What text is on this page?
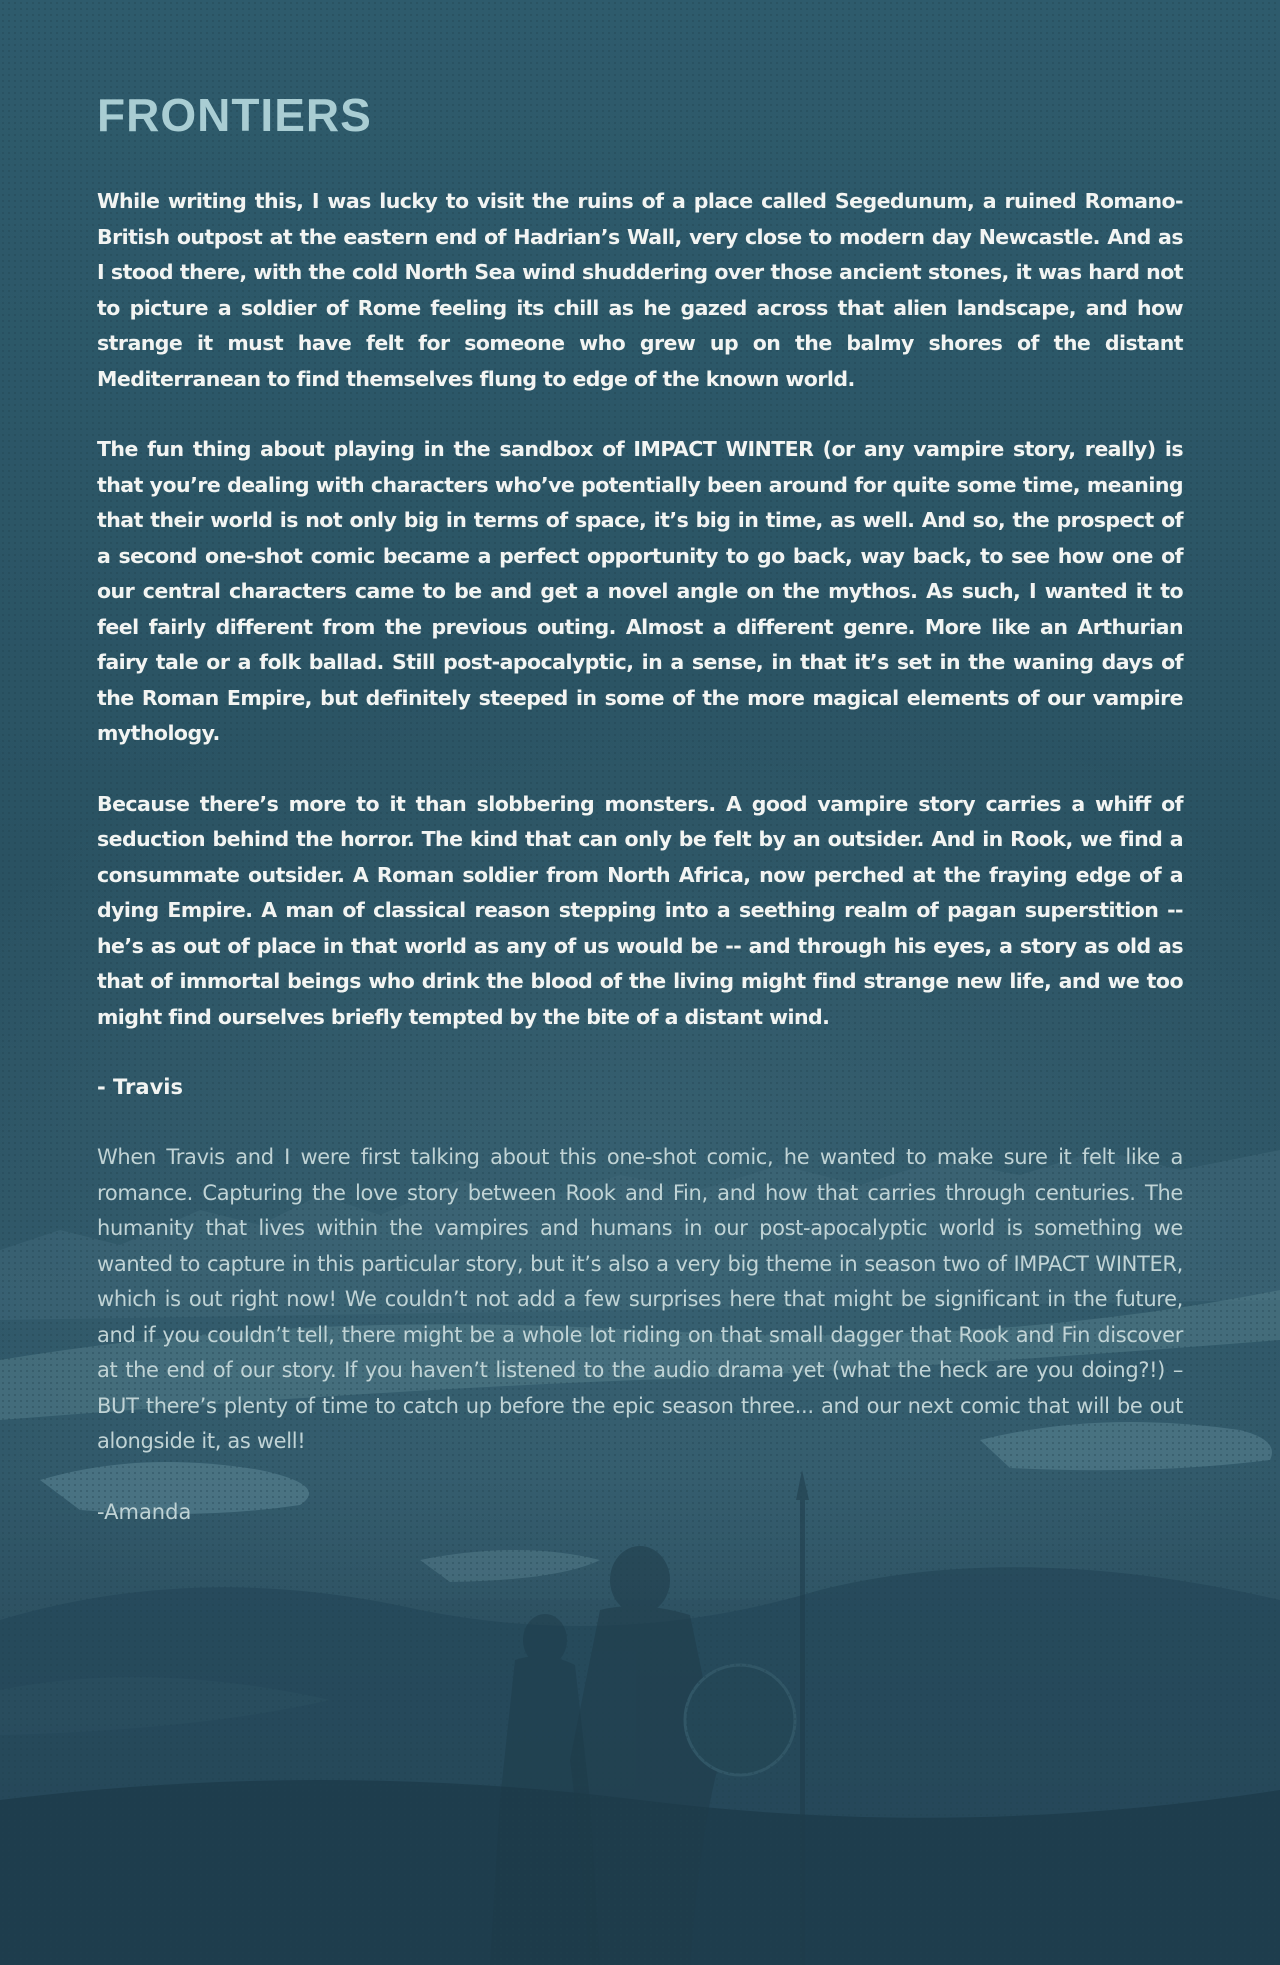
FRONTIERS

While writing this, I was lucky to visit the ruins of a place called Segedunum, a ruined Romano-British outpost at the eastern end of Hadrian’s Wall, very close to modern day Newcastle. And as I stood there, with the cold North Sea wind shuddering over those ancient stones, it was hard not to picture a soldier of Rome feeling its chill as he gazed across that alien landscape, and how strange it must have felt for someone who grew up on the balmy shores of the distant Mediterranean to find themselves flung to edge of the known world.

The fun thing about playing in the sandbox of IMPACT WINTER (or any vampire story, really) is that you’re dealing with characters who’ve potentially been around for quite some time, meaning that their world is not only big in terms of space, it’s big in time, as well. And so, the prospect of a second one-shot comic became a perfect opportunity to go back, way back, to see how one of our central characters came to be and get a novel angle on the mythos. As such, I wanted it to feel fairly different from the previous outing. Almost a different genre. More like an Arthurian fairy tale or a folk ballad. Still post-apocalyptic, in a sense, in that it’s set in the waning days of the Roman Empire, but definitely steeped in some of the more magical elements of our vampire mythology.

Because there’s more to it than slobbering monsters. A good vampire story carries a whiff of seduction behind the horror. The kind that can only be felt by an outsider. And in Rook, we find a consummate outsider. A Roman soldier from North Africa, now perched at the fraying edge of a dying Empire. A man of classical reason stepping into a seething realm of pagan superstition -- he’s as out of place in that world as any of us would be -- and through his eyes, a story as old as that of immortal beings who drink the blood of the living might find strange new life, and we too might find ourselves briefly tempted by the bite of a distant wind.

- Travis

When Travis and I were first talking about this one-shot comic, he wanted to make sure it felt like a romance. Capturing the love story between Rook and Fin, and how that carries through centuries. The humanity that lives within the vampires and humans in our post-apocalyptic world is something we wanted to capture in this particular story, but it’s also a very big theme in season two of IMPACT WINTER, which is out right now! We couldn’t not add a few surprises here that might be significant in the future, and if you couldn’t tell, there might be a whole lot riding on that small dagger that Rook and Fin discover at the end of our story. If you haven’t listened to the audio drama yet (what the heck are you doing?!) – BUT there’s plenty of time to catch up before the epic season three... and our next comic that will be out alongside it, as well!

-Amanda
